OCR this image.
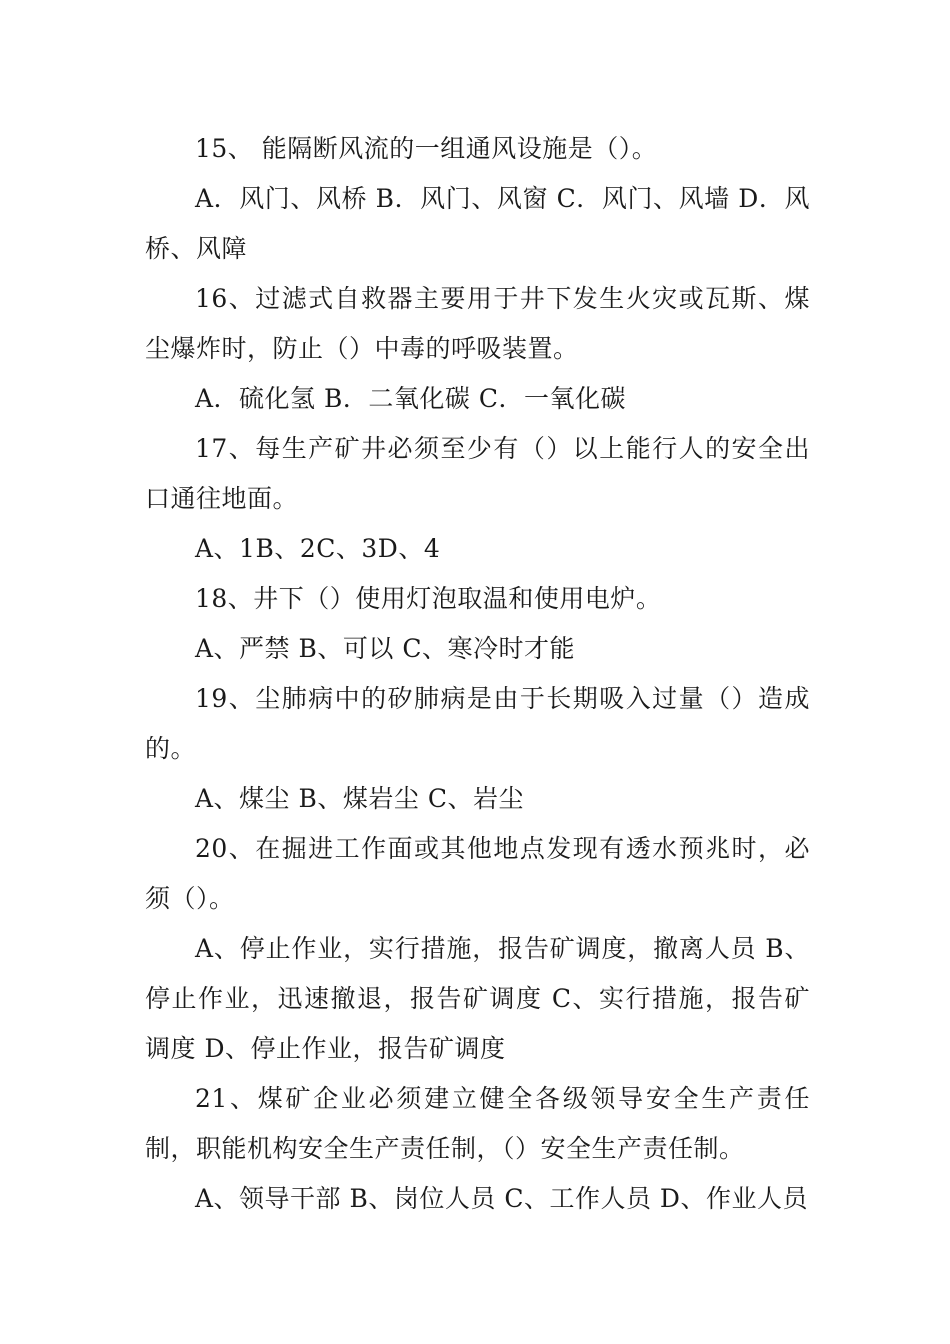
15、 能隔断风流的一组通风设施是（）。

A．风门、风桥 B．风门、风窗 C．风门、风墙 D．风桥、风障

16、过滤式自救器主要用于井下发生火灾或瓦斯、煤尘爆炸时，防止（）中毒的呼吸装置。

A．硫化氢 B．二氧化碳 C．一氧化碳

17、每生产矿井必须至少有（）以上能行人的安全出口通往地面。

A、1B、2C、3D、4

18、井下（）使用灯泡取温和使用电炉。

A、严禁 B、可以 C、寒冷时才能

19、尘肺病中的矽肺病是由于长期吸入过量（）造成的。

A、煤尘 B、煤岩尘 C、岩尘

20、在掘进工作面或其他地点发现有透水预兆时，必须（）。

A、停止作业，实行措施，报告矿调度，撤离人员 B、停止作业，迅速撤退，报告矿调度 C、实行措施，报告矿调度 D、停止作业，报告矿调度

21、煤矿企业必须建立健全各级领导安全生产责任制，职能机构安全生产责任制，（）安全生产责任制。

A、领导干部 B、岗位人员 C、工作人员 D、作业人员
